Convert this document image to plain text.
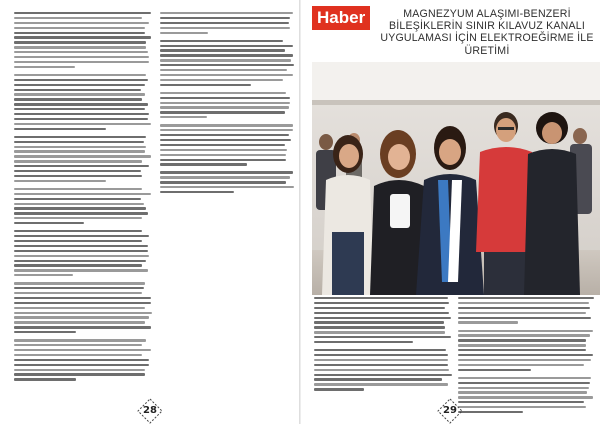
28
Haber	MAGNEZYUM ALAŞIMI-BENZERİ BİLEŞİKLERİN SINIR KILAVUZ KANALI UYGULAMASI İÇİN ELEKTROEĞİRME İLE ÜRETİMİ
29
